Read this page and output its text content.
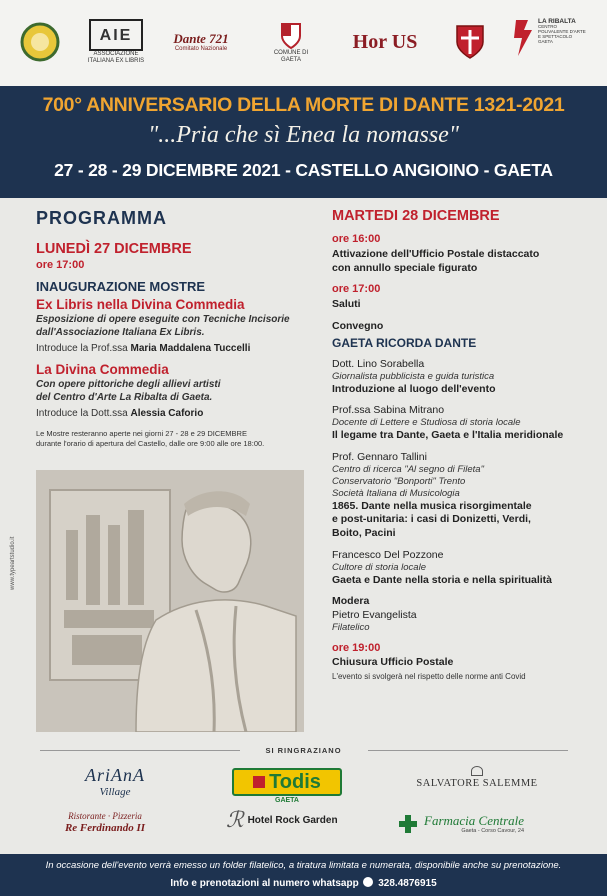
AIE
ASSOCIAZIONE ITALIANA EX LIBRIS
Dante 721
Comitato Nazionale
COMUNE DI GAETA
Hor US
LA RIBALTA
CENTRO POLIVALENTE D'ARTE E SPETTACOLO GAETA
700° ANNIVERSARIO DELLA MORTE DI DANTE 1321-2021
"...Pria che sì Enea la nomasse"
27 - 28 - 29 DICEMBRE 2021 - CASTELLO ANGIOINO - GAETA
PROGRAMMA
LUNEDÌ 27 DICEMBRE
ore 17:00
INAUGURAZIONE MOSTRE
Ex Libris nella Divina Commedia
Esposizione di opere eseguite con Tecniche Incisorie
dall'Associazione Italiana Ex Libris.
Introduce la Prof.ssa Maria Maddalena Tuccelli
La Divina Commedia
Con opere pittoriche degli allievi artisti
del Centro d'Arte La Ribalta di Gaeta.
Introduce la Dott.ssa Alessia Caforio
Le Mostre resteranno aperte nei giorni 27 - 28 e 29 DICEMBRE
durante l'orario di apertura del Castello, dalle ore 9:00 alle ore 18:00.
www.typeartstudio.it
MARTEDI 28 DICEMBRE
ore 16:00
Attivazione dell'Ufficio Postale distaccato
con annullo speciale figurato
ore 17:00
Saluti
Convegno
GAETA RICORDA DANTE
Dott. Lino Sorabella
Giornalista pubblicista e guida turistica
Introduzione al luogo dell'evento
Prof.ssa Sabina Mitrano
Docente di Lettere e Studiosa di storia locale
Il legame tra Dante, Gaeta e l'Italia meridionale
Prof. Gennaro Tallini
Centro di ricerca "Al segno di Fileta"
Conservatorio "Bonporti" Trento
Società Italiana di Musicologia
1865. Dante nella musica risorgimentale
e post-unitaria: i casi di Donizetti, Verdi,
Boito, Pacini
Francesco Del Pozzone
Cultore di storia locale
Gaeta e Dante nella storia e nella spiritualità
Modera
Pietro Evangelista
Filatelico
ore 19:00
Chiusura Ufficio Postale
L'evento si svolgerà nel rispetto delle norme anti Covid
SI RINGRAZIANO
AriAnA
Village	Todis
GAETA
SALVATORE SALEMME
Ristorante · Pizzeria
Re Ferdinando II	ℛ Hotel Rock Garden	Farmacia Centrale
Gaeta - Corso Cavour, 24
In occasione dell'evento verrà emesso un folder filatelico, a tiratura limitata e numerata, disponibile anche su prenotazione.
Info e prenotazioni al numero whatsapp 328.4876915
